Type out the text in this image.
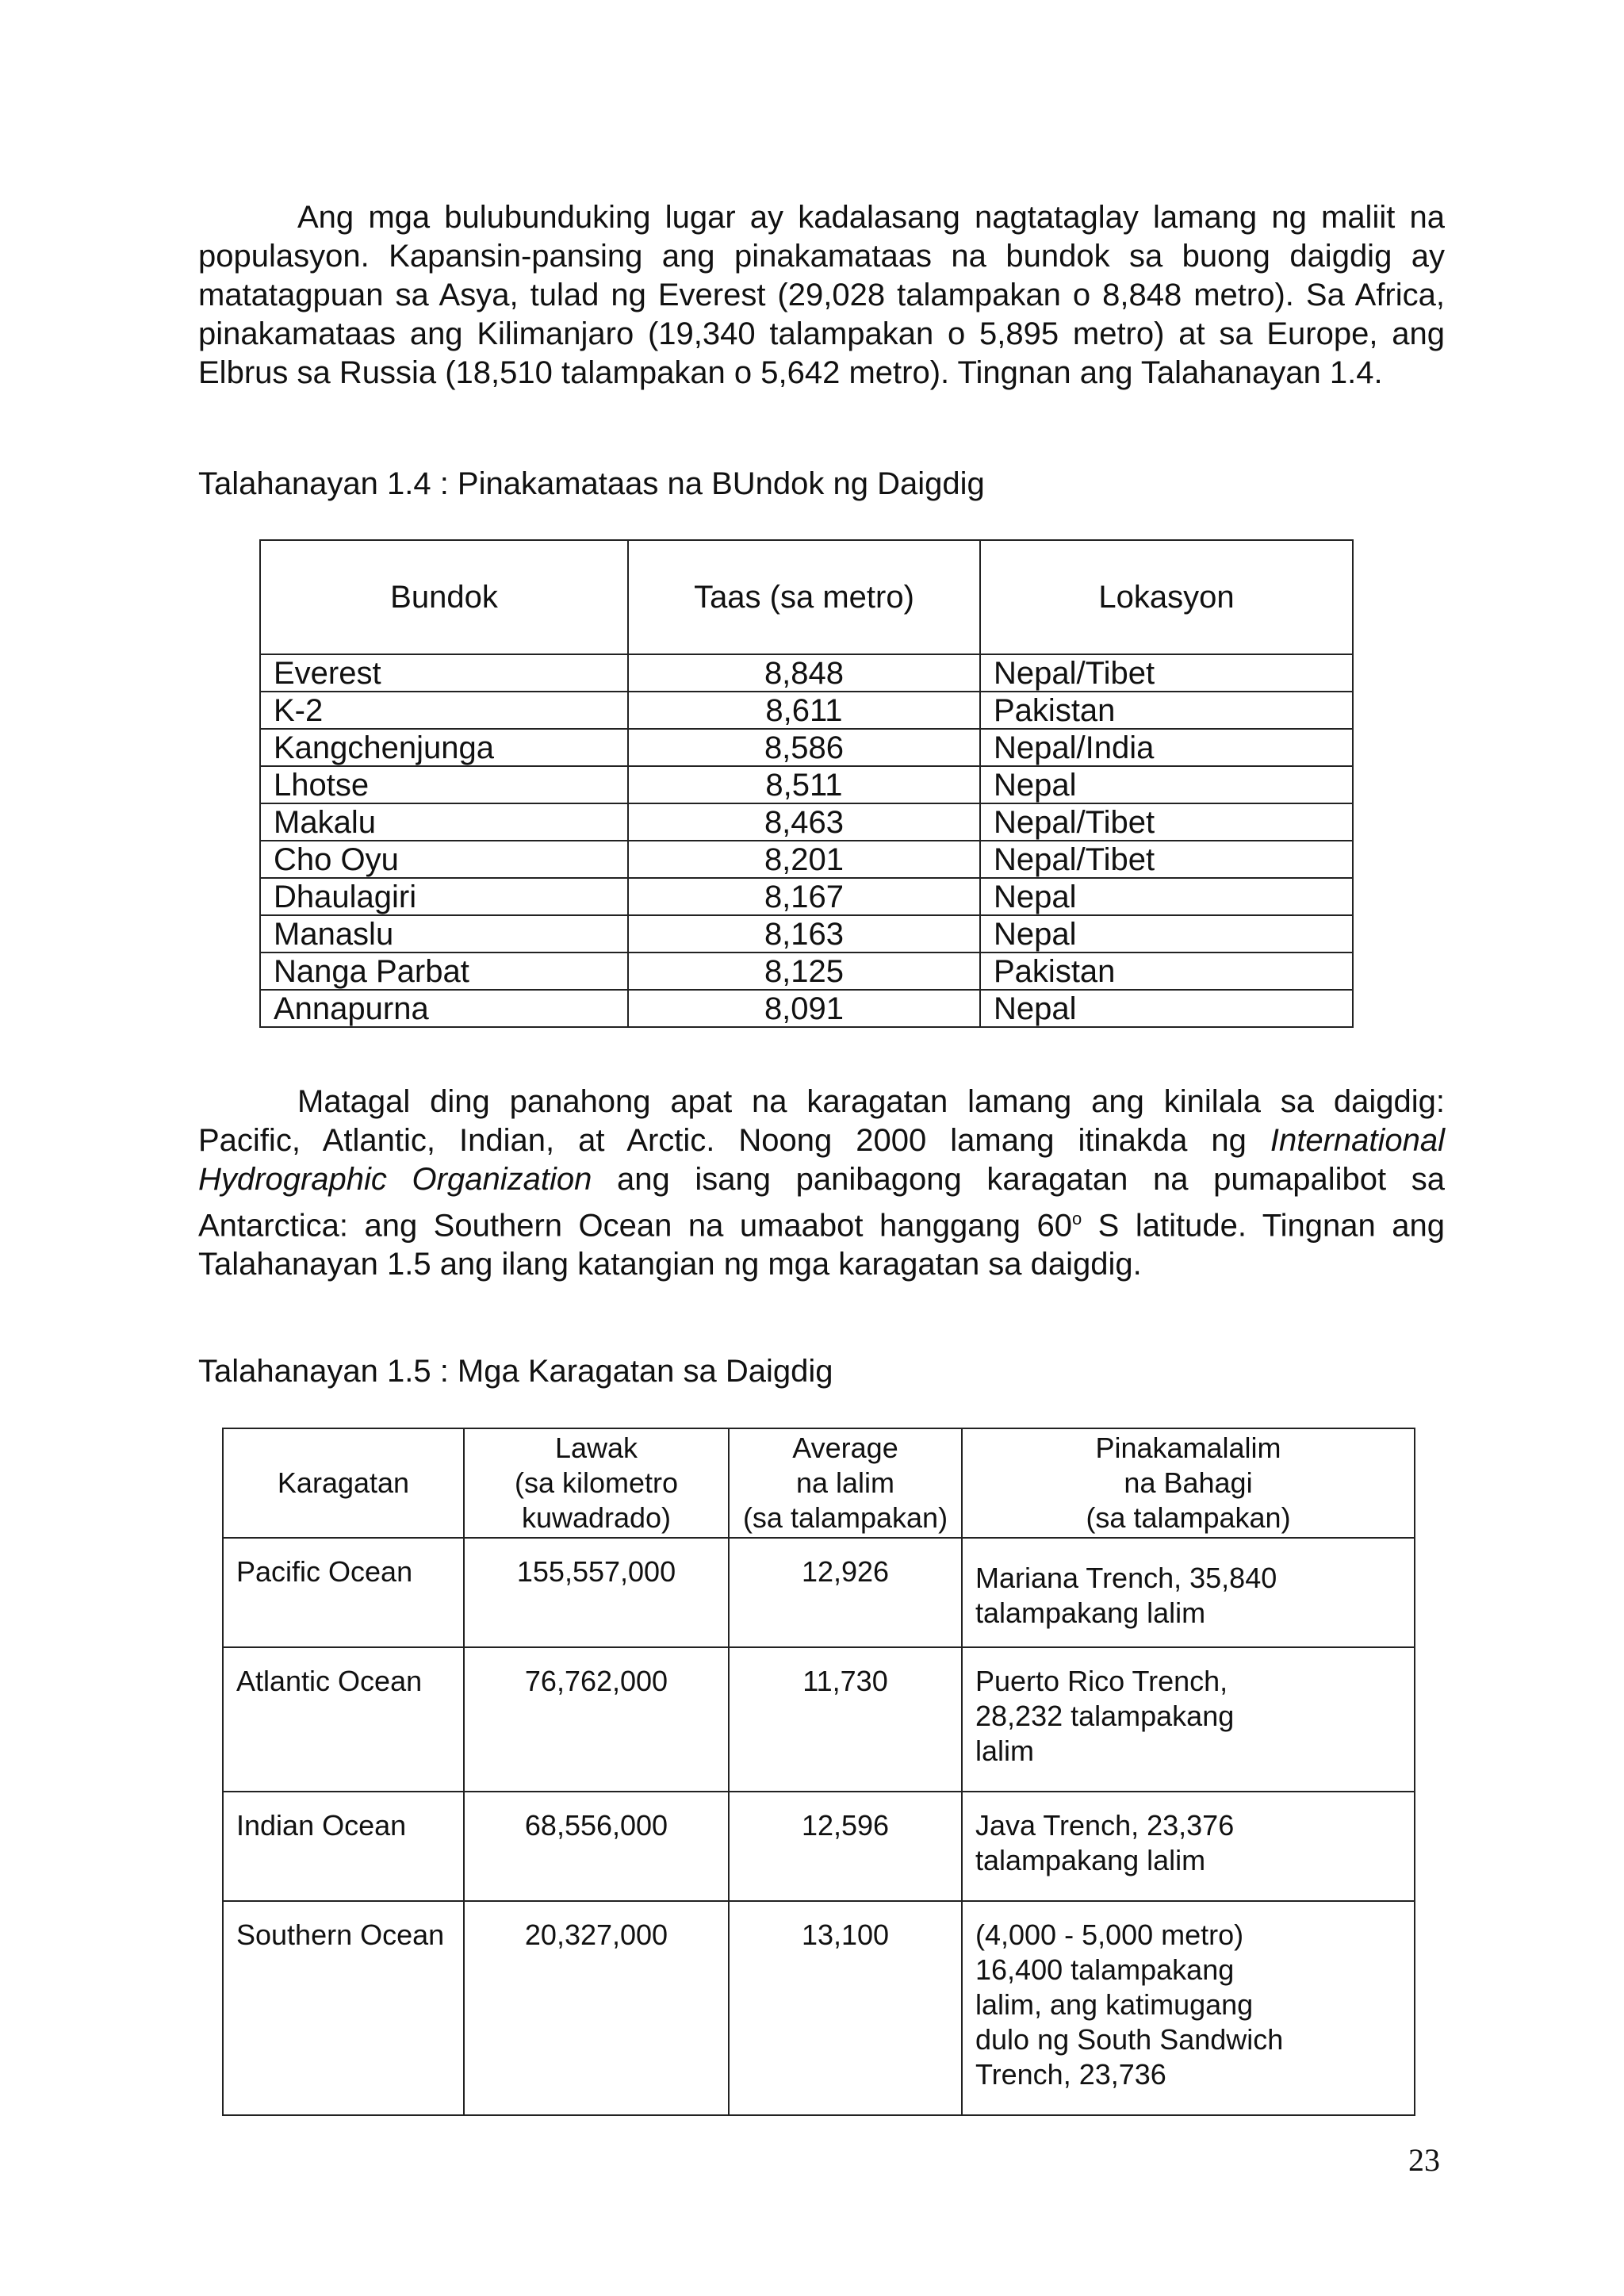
Ang mga bulubunduking lugar ay kadalasang nagtataglay lamang ng maliit na populasyon. Kapansin-pansing ang pinakamataas na bundok sa buong daigdig ay matatagpuan sa Asya, tulad ng Everest (29,028 talampakan o 8,848 metro). Sa Africa, pinakamataas ang Kilimanjaro (19,340 talampakan o 5,895 metro) at sa Europe, ang Elbrus sa Russia (18,510 talampakan o 5,642 metro). Tingnan ang Talahanayan 1.4.

Talahanayan 1.4 : Pinakamataas na BUndok ng Daigdig

Bundok	Taas (sa metro)	Lokasyon
Everest	8,848	Nepal/Tibet
K-2	8,611	Pakistan
Kangchenjunga	8,586	Nepal/India
Lhotse	8,511	Nepal
Makalu	8,463	Nepal/Tibet
Cho Oyu	8,201	Nepal/Tibet
Dhaulagiri	8,167	Nepal
Manaslu	8,163	Nepal
Nanga Parbat	8,125	Pakistan
Annapurna	8,091	Nepal

Matagal ding panahong apat na karagatan lamang ang kinilala sa daigdig: Pacific, Atlantic, Indian, at Arctic. Noong 2000 lamang itinakda ng International Hydrographic Organization ang isang panibagong karagatan na pumapalibot sa Antarctica: ang Southern Ocean na umaabot hanggang 60$^o$ S latitude. Tingnan ang Talahanayan 1.5 ang ilang katangian ng mga karagatan sa daigdig.

Talahanayan 1.5 : Mga Karagatan sa Daigdig

Karagatan	Lawak
(sa kilometro
kuwadrado)	Average
na lalim
(sa talampakan)	Pinakamalalim
na Bahagi
(sa talampakan)
Pacific Ocean	155,557,000	12,926	Mariana Trench, 35,840
talampakang lalim
Atlantic Ocean	76,762,000	11,730	Puerto Rico Trench,
28,232 talampakang
lalim
Indian Ocean	68,556,000	12,596	Java Trench, 23,376
talampakang lalim
Southern Ocean	20,327,000	13,100	(4,000 - 5,000 metro)
16,400 talampakang
lalim, ang katimugang
dulo ng South Sandwich
Trench, 23,736
23
